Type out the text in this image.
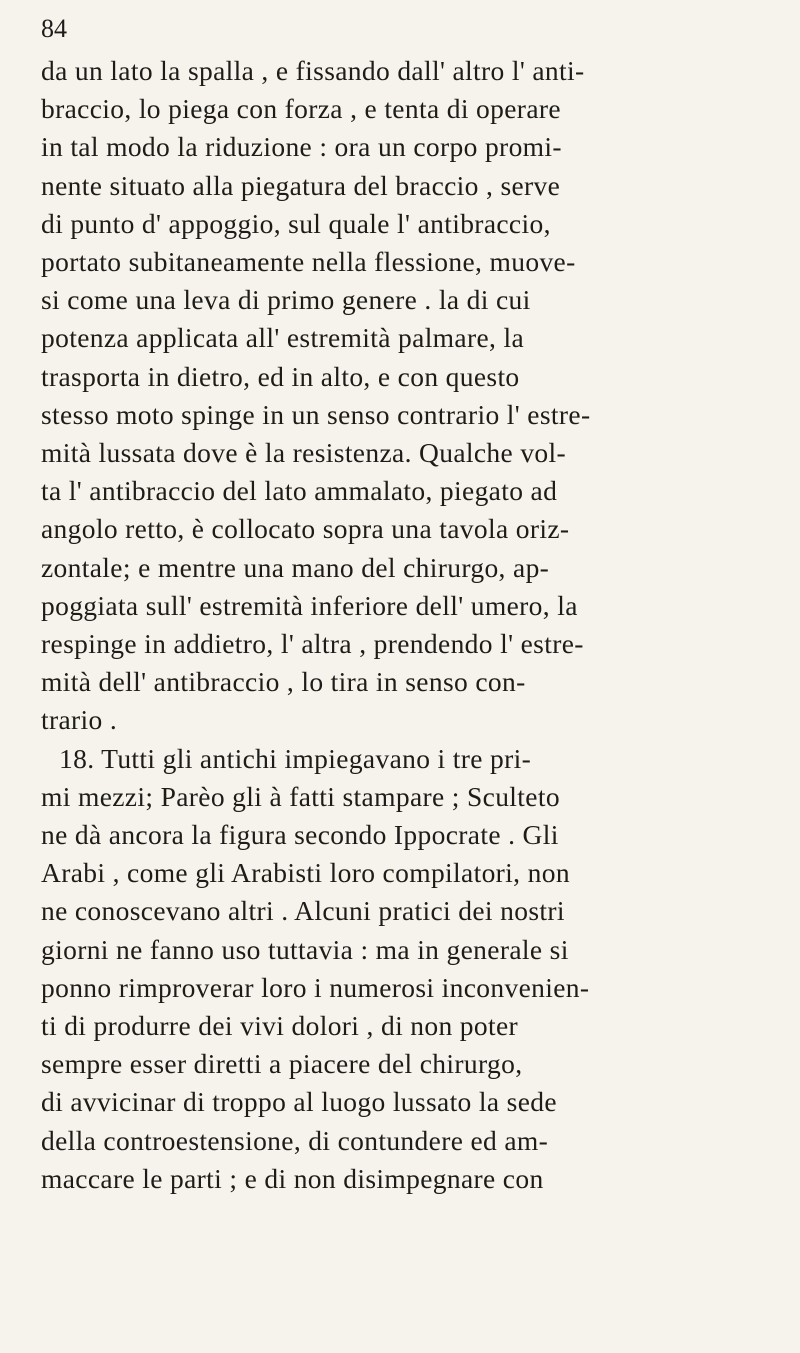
84
da un lato la spalla , e fissando dall' altro l' anti-
braccio, lo piega con forza , e tenta di operare
in tal modo la riduzione : ora un corpo promi-
nente situato alla piegatura del braccio , serve
di punto d' appoggio, sul quale l' antibraccio,
portato subitaneamente nella flessione, muove-
si come una leva di primo genere . la di cui
potenza applicata all' estremità palmare, la
trasporta in dietro, ed in alto, e con questo
stesso moto spinge in un senso contrario l' estre-
mità lussata dove è la resistenza. Qualche vol-
ta l' antibraccio del lato ammalato, piegato ad
angolo retto, è collocato sopra una tavola oriz-
zontale; e mentre una mano del chirurgo, ap-
poggiata sull' estremità inferiore dell' umero, la
respinge in addietro, l' altra , prendendo l' estre-
mità dell' antibraccio , lo tira in senso con-
trario .
18. Tutti gli antichi impiegavano i tre pri-
mi mezzi; Parèo gli à fatti stampare ; Sculteto
ne dà ancora la figura secondo Ippocrate . Gli
Arabi , come gli Arabisti loro compilatori, non
ne conoscevano altri . Alcuni pratici dei nostri
giorni ne fanno uso tuttavia : ma in generale si
ponno rimproverar loro i numerosi inconvenien-
ti di produrre dei vivi dolori , di non poter
sempre esser diretti a piacere del chirurgo,
di avvicinar di troppo al luogo lussato la sede
della controestensione, di contundere ed am-
maccare le parti ; e di non disimpegnare con
